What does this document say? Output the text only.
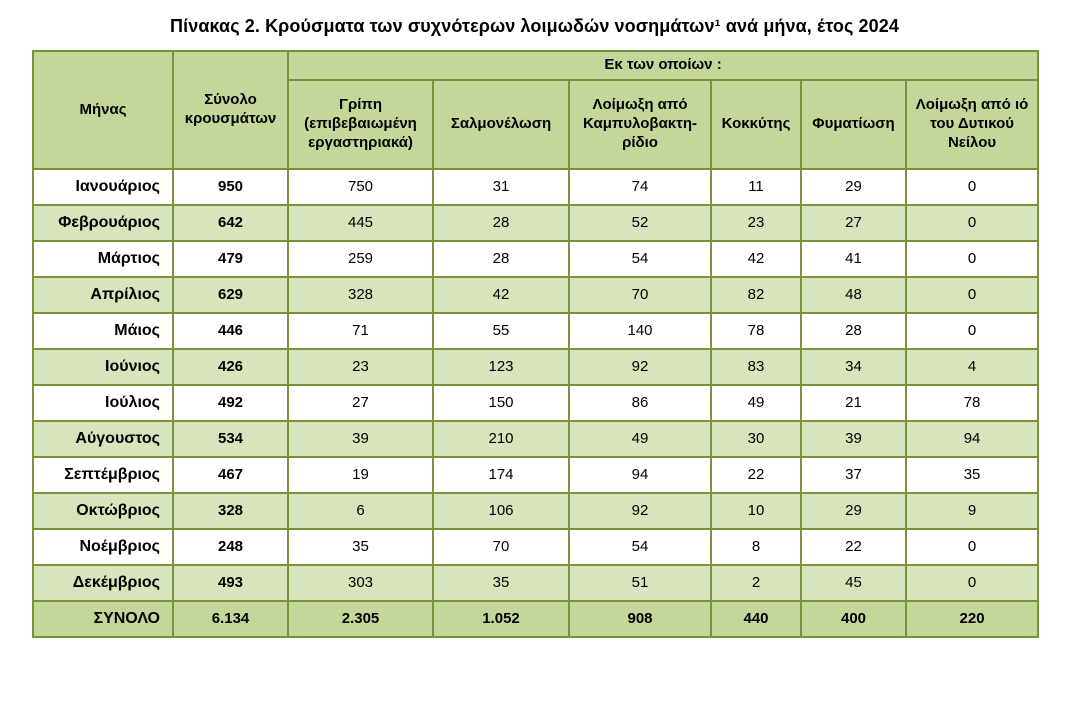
Πίνακας 2. Κρούσματα των συχνότερων λοιμωδών νοσημάτων¹ ανά μήνα, έτος 2024
Μήνας	Σύνολο κρουσμάτων	Εκ των οποίων :					
		Γρίπη (επιβεβαιωμένη εργαστηριακά)	Σαλμονέλωση	Λοίμωξη από Καμπυλοβακτη-ρίδιο	Κοκκύτης	Φυματίωση	Λοίμωξη από ιό του Δυτικού Νείλου
Ιανουάριος	950	750	31	74	11	29	0
Φεβρουάριος	642	445	28	52	23	27	0
Μάρτιος	479	259	28	54	42	41	0
Απρίλιος	629	328	42	70	82	48	0
Μάιος	446	71	55	140	78	28	0
Ιούνιος	426	23	123	92	83	34	4
Ιούλιος	492	27	150	86	49	21	78
Αύγουστος	534	39	210	49	30	39	94
Σεπτέμβριος	467	19	174	94	22	37	35
Οκτώβριος	328	6	106	92	10	29	9
Νοέμβριος	248	35	70	54	8	22	0
Δεκέμβριος	493	303	35	51	2	45	0
ΣΥΝΟΛΟ	6.134	2.305	1.052	908	440	400	220
